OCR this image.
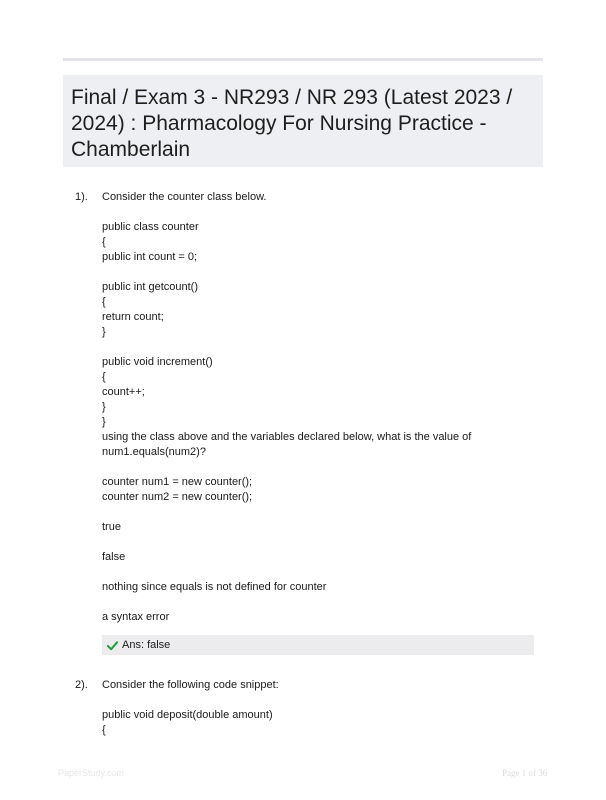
Final / Exam 3 - NR293 / NR 293 (Latest 2023 / 2024) : Pharmacology For Nursing Practice - Chamberlain
1). Consider the counter class below.
public class counter
{
public int count = 0;
public int getcount()
{
return count;
}
public void increment()
{
count++;
}
}
using the class above and the variables declared below, what is the value of
num1.equals(num2)?
counter num1 = new counter();
counter num2 = new counter();
true
false
nothing since equals is not defined for counter
a syntax error
Ans: false
2). Consider the following code snippet:
public void deposit(double amount)
{
PaperStudy.com	Page 1 of 36
